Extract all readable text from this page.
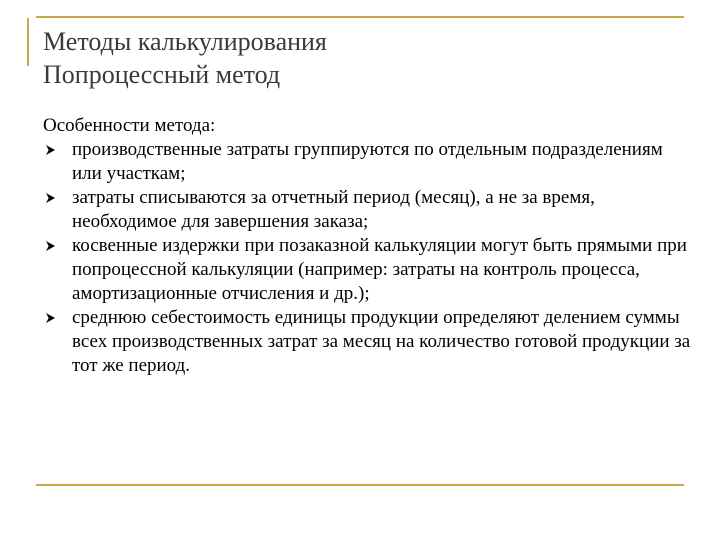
Методы калькулирования
Попроцессный метод

Особенности метода:

производственные затраты группируются по отдельным подразделениям или участкам;
затраты списываются за отчетный период (месяц), а не за время, необходимое для завершения заказа;
косвенные издержки при позаказной калькуляции могут быть прямыми при попроцессной калькуляции (например: затраты на контроль процесса, амортизационные отчисления и др.);
среднюю себестоимость единицы продукции определяют делением суммы всех производственных затрат за месяц на количество готовой продукции за тот же период.
